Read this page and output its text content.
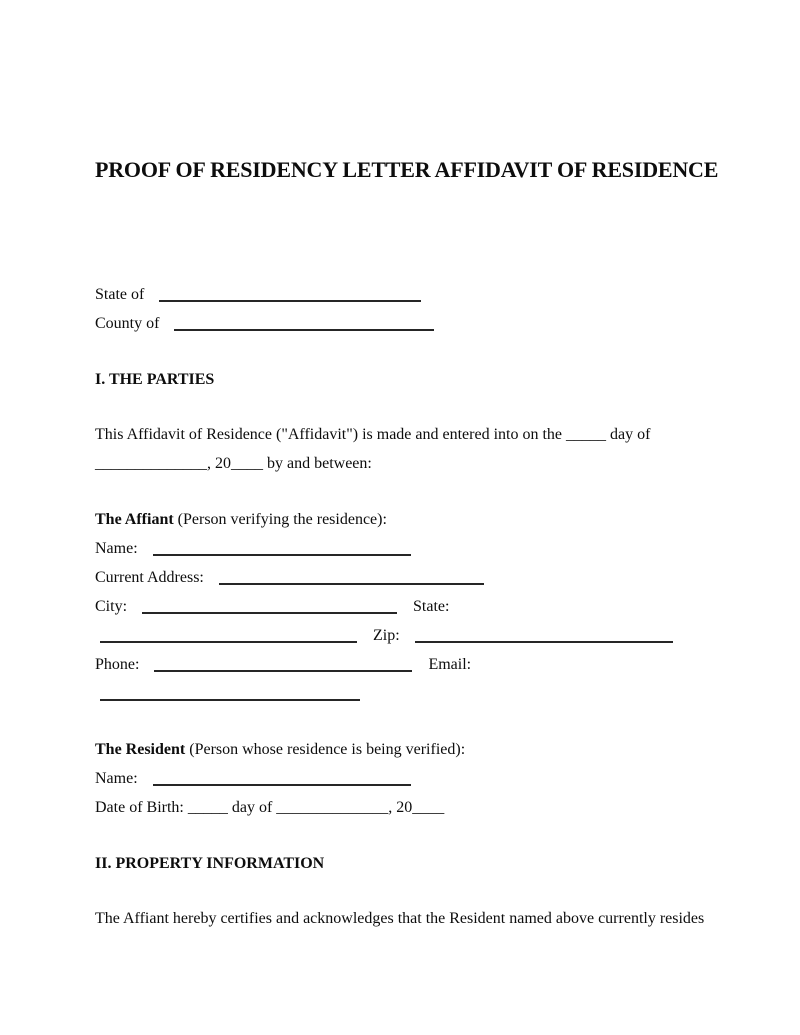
PROOF OF RESIDENCY LETTER AFFIDAVIT OF RESIDENCE
State of
County of
I. THE PARTIES
This Affidavit of Residence ("Affidavit") is made and entered into on the _____ day of
______________, 20____ by and between:
The Affiant (Person verifying the residence):
Name:
Current Address:
City:	State:
Zip:
Phone:	Email:
The Resident (Person whose residence is being verified):
Name:
Date of Birth: _____ day of ______________, 20____
II. PROPERTY INFORMATION
The Affiant hereby certifies and acknowledges that the Resident named above currently resides
